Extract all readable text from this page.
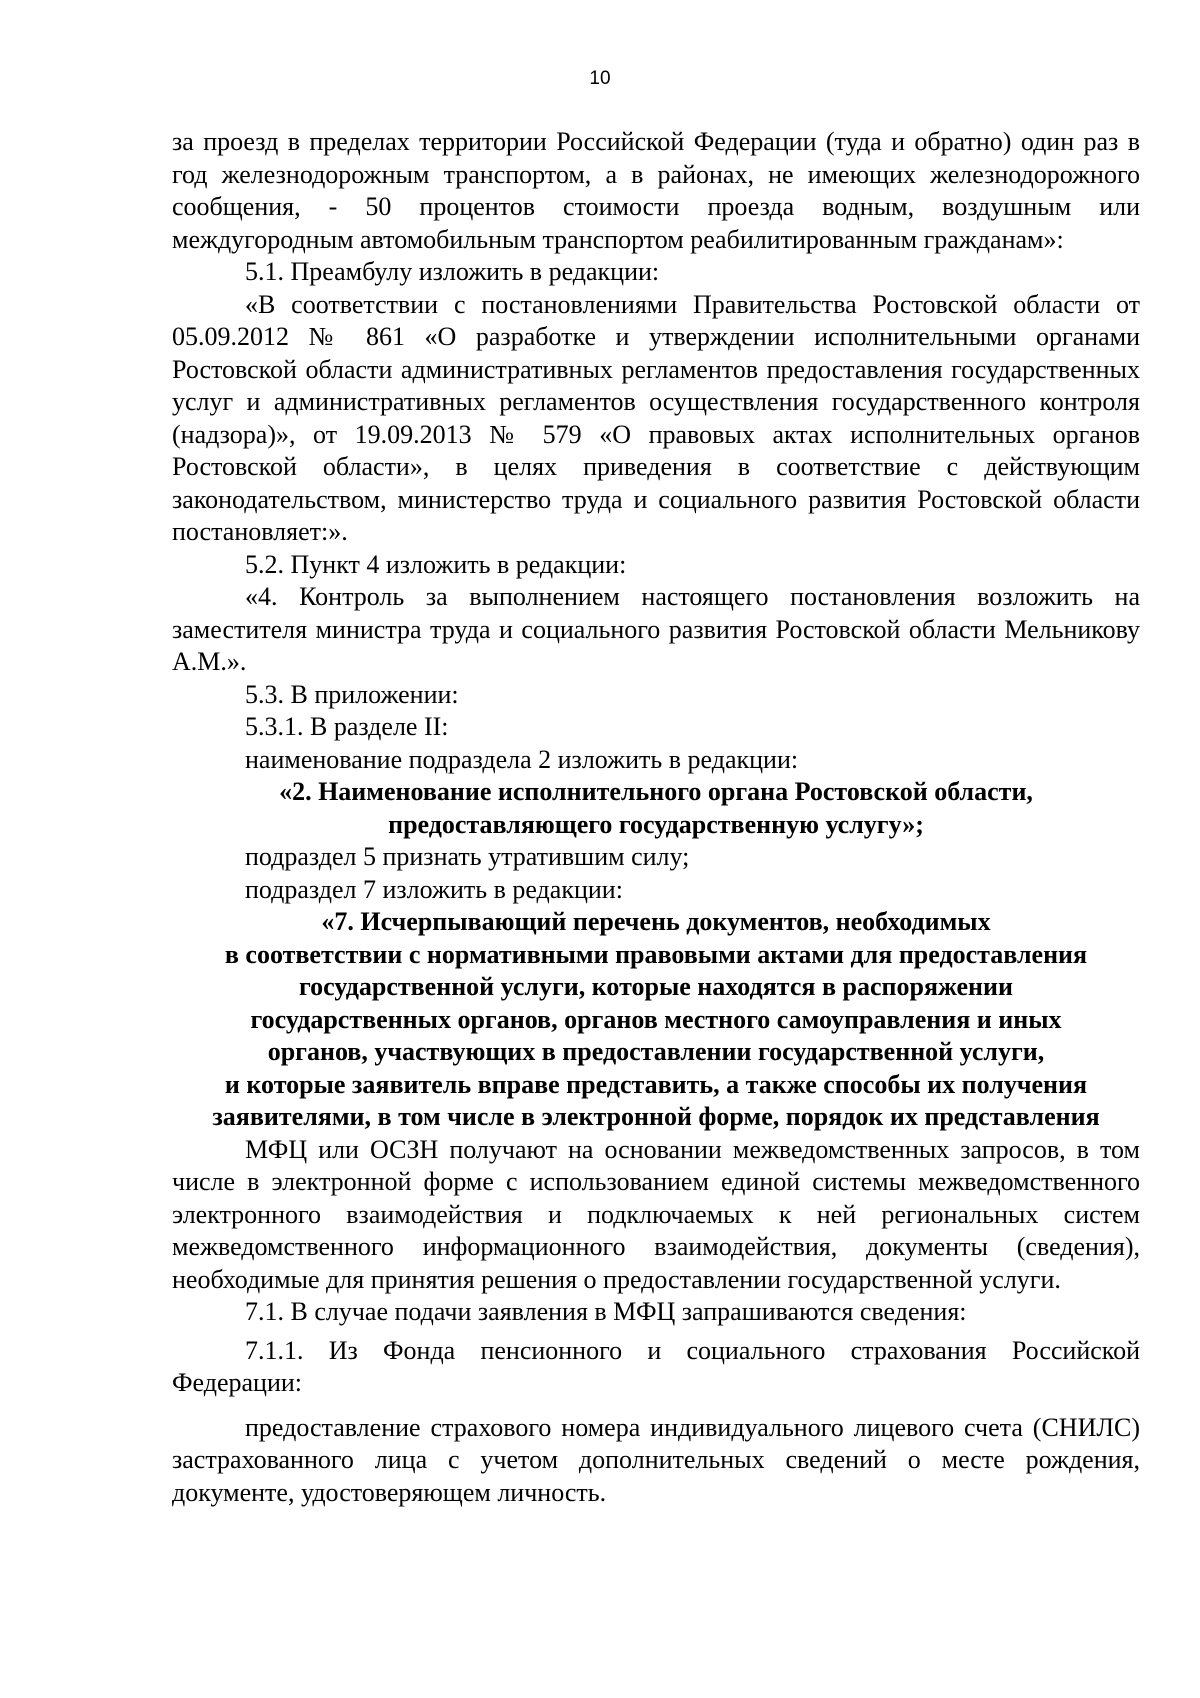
10

за проезд в пределах территории Российской Федерации (туда и обратно) один раз в год железнодорожным транспортом, а в районах, не имеющих железнодорожного сообщения, - 50 процентов стоимости проезда водным, воздушным или междугородным автомобильным транспортом реабилитированным гражданам»:

5.1. Преамбулу изложить в редакции:

«В соответствии с постановлениями Правительства Ростовской области от 05.09.2012 № 861 «О разработке и утверждении исполнительными органами Ростовской области административных регламентов предоставления государственных услуг и административных регламентов осуществления государственного контроля (надзора)», от 19.09.2013 № 579 «О правовых актах исполнительных органов Ростовской области», в целях приведения в соответствие с действующим законодательством, министерство труда и социального развития Ростовской области постановляет:».

5.2. Пункт 4 изложить в редакции:

«4. Контроль за выполнением настоящего постановления возложить на заместителя министра труда и социального развития Ростовской области Мельникову А.М.».

5.3. В приложении:

5.3.1. В разделе II:

наименование подраздела 2 изложить в редакции:

«2. Наименование исполнительного органа Ростовской области,
предоставляющего государственную услугу»;

подраздел 5 признать утратившим силу;

подраздел 7 изложить в редакции:

«7. Исчерпывающий перечень документов, необходимых
в соответствии с нормативными правовыми актами для предоставления
государственной услуги, которые находятся в распоряжении
государственных органов, органов местного самоуправления и иных
органов, участвующих в предоставлении государственной услуги,
и которые заявитель вправе представить, а также способы их получения
заявителями, в том числе в электронной форме, порядок их представления

МФЦ или ОСЗН получают на основании межведомственных запросов, в том числе в электронной форме с использованием единой системы межведомственного электронного взаимодействия и подключаемых к ней региональных систем межведомственного информационного взаимодействия, документы (сведения), необходимые для принятия решения о предоставлении государственной услуги.

7.1. В случае подачи заявления в МФЦ запрашиваются сведения:

7.1.1. Из Фонда пенсионного и социального страхования Российской Федерации:

предоставление страхового номера индивидуального лицевого счета (СНИЛС) застрахованного лица с учетом дополнительных сведений о месте рождения, документе, удостоверяющем личность.
